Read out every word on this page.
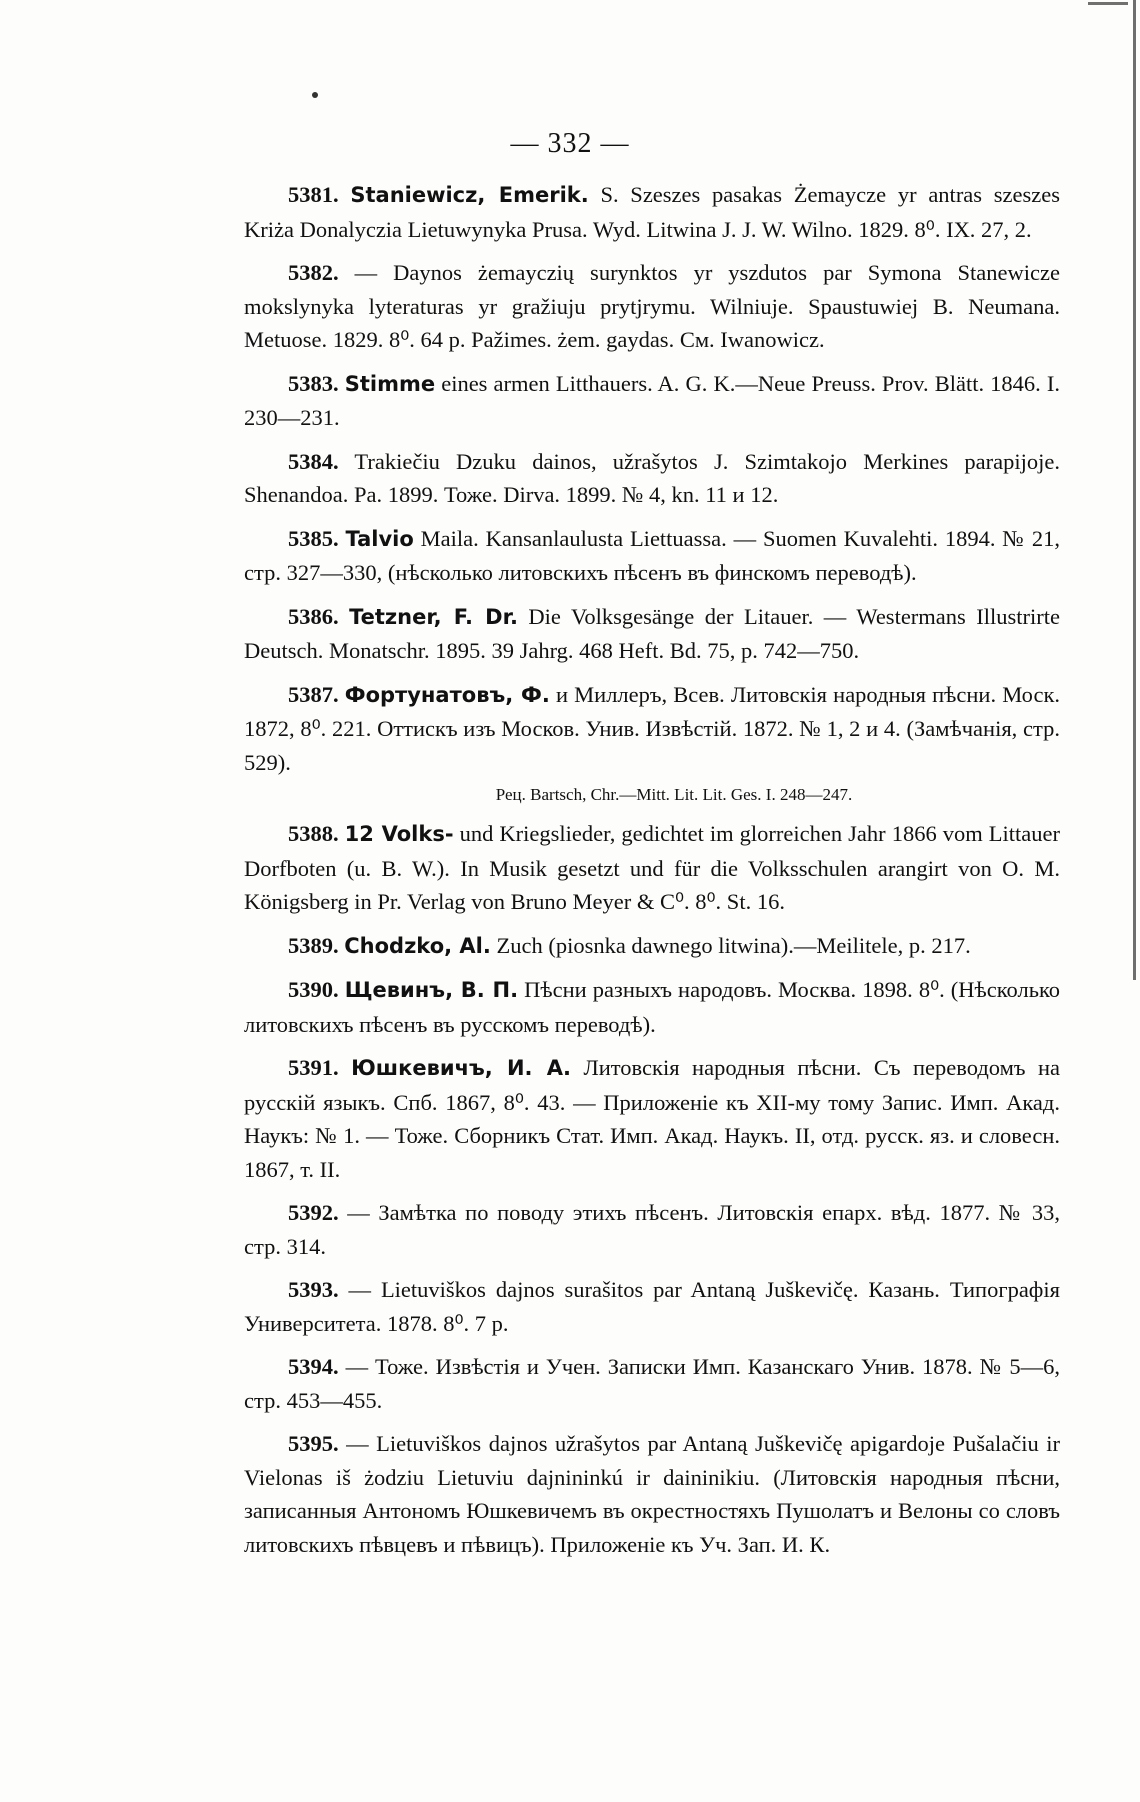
— 332 —

5381. Staniewicz, Emerik. S. Szeszes pasakas Żemaycze yr antras szeszes Kriża Donalyczia Lietuwynyka Prusa. Wyd. Litwina J. J. W. Wilno. 1829. 8⁰. IX. 27, 2.

5382. — Daynos żemayczių surynktos yr yszdutos par Symona Stanewicze mokslynyka lyteraturas yr gražiuju prytjrymu. Wilniuje. Spaustuwiej B. Neumana. Metuose. 1829. 8⁰. 64 p. Pažimes. żem. gaydas. См. Iwanowicz.

5383. Stimme eines armen Litthauers. A. G. K.—Neue Preuss. Prov. Blätt. 1846. I. 230—231.

5384. Trakiečiu Dzuku dainos, užrašytos J. Szimtakojo Merkines parapijoje. Shenandoa. Pa. 1899. Тоже. Dirva. 1899. № 4, kn. 11 и 12.

5385. Talvio Maila. Kansanlaulusta Liettuassa. — Suomen Kuvalehti. 1894. № 21, стр. 327—330, (нѣсколько литовскихъ пѣсенъ въ финскомъ переводѣ).

5386. Tetzner, F. Dr. Die Volksgesänge der Litauer. — Westermans Illustrirte Deutsch. Monatschr. 1895. 39 Jahrg. 468 Heft. Bd. 75, p. 742—750.

5387. Фортунатовъ, Ф. и Миллеръ, Всев. Литовскія народныя пѣсни. Моск. 1872, 8⁰. 221. Оттискъ изъ Москов. Унив. Извѣстій. 1872. № 1, 2 и 4. (Замѣчанія, стр. 529).

Рец. Bartsch, Chr.—Mitt. Lit. Lit. Ges. I. 248—247.

5388. 12 Volks- und Kriegslieder, gedichtet im glorreichen Jahr 1866 vom Littauer Dorfboten (u. B. W.). In Musik gesetzt und für die Volksschulen arangirt von O. M. Königsberg in Pr. Verlag von Bruno Meyer & C⁰. 8⁰. St. 16.

5389. Chodzko, Al. Zuch (piosnka dawnego litwina).—Meilitele, p. 217.

5390. Щевинъ, В. П. Пѣсни разныхъ народовъ. Москва. 1898. 8⁰. (Нѣсколько литовскихъ пѣсенъ въ русскомъ переводѣ).

5391. Юшкевичъ, И. А. Литовскія народныя пѣсни. Съ переводомъ на русскій языкъ. Спб. 1867, 8⁰. 43. — Приложеніе къ XII-му тому Запис. Имп. Акад. Наукъ: № 1. — Тоже. Сборникъ Стат. Имп. Акад. Наукъ. II, отд. русск. яз. и словесн. 1867, т. II.

5392. — Замѣтка по поводу этихъ пѣсенъ. Литовскія епарх. вѣд. 1877. № 33, стр. 314.

5393. — Lietuviškos dajnos surašitos par Antaną Juškevičę. Казань. Типографія Университета. 1878. 8⁰. 7 р.

5394. — Тоже. Извѣстія и Учен. Записки Имп. Казанскаго Унив. 1878. № 5—6, стр. 453—455.

5395. — Lietuviškos dajnos užrašytos par Antaną Juškevičę apigardoje Pušalačiu ir Vielonas iš żodziu Lietuviu dajnininkú ir daininikiu. (Литовскія народныя пѣсни, записанныя Антономъ Юшкевичемъ въ окрестностяхъ Пушолатъ и Велоны со словъ литовскихъ пѣвцевъ и пѣвицъ). Приложеніе къ Уч. Зап. И. К.
